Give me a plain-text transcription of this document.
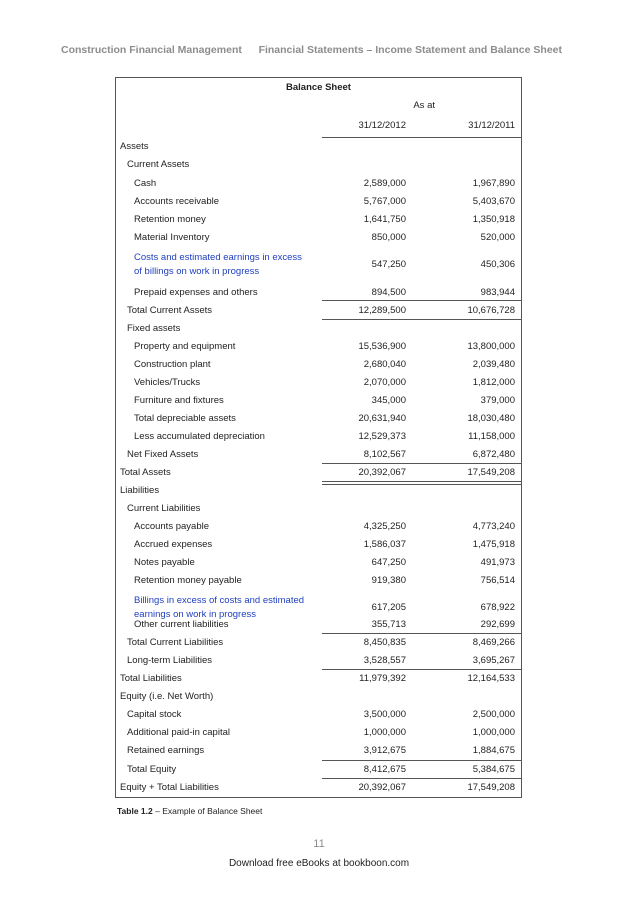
Construction Financial Management Financial Statements – Income Statement and Balance Sheet
Balance Sheet
As at
31/12/2012	31/12/2011
Assets
Current Assets
Cash	2,589,000	1,967,890
Accounts receivable	5,767,000	5,403,670
Retention money	1,641,750	1,350,918
Material Inventory	850,000	520,000
Costs and estimated earnings in excess
of billings on work in progress
547,250	450,306
Prepaid expenses and others	894,500	983,944
Total Current Assets	12,289,500	10,676,728
Fixed assets
Property and equipment	15,536,900	13,800,000
Construction plant	2,680,040	2,039,480
Vehicles/Trucks	2,070,000	1,812,000
Furniture and fixtures	345,000	379,000
Total depreciable assets	20,631,940	18,030,480
Less accumulated depreciation	12,529,373	11,158,000
Net Fixed Assets	8,102,567	6,872,480
Total Assets	20,392,067	17,549,208
Liabilities
Current Liabilities
Accounts payable	4,325,250	4,773,240
Accrued expenses	1,586,037	1,475,918
Notes payable	647,250	491,973
Retention money payable	919,380	756,514
Billings in excess of costs and estimated
earnings on work in progress
617,205	678,922
Other current liabilities	355,713	292,699
Total Current Liabilities	8,450,835	8,469,266
Long-term Liabilities	3,528,557	3,695,267
Total Liabilities	11,979,392	12,164,533
Equity (i.e. Net Worth)
Capital stock	3,500,000	2,500,000
Additional paid-in capital	1,000,000	1,000,000
Retained earnings	3,912,675	1,884,675
Total Equity	8,412,675	5,384,675
Equity + Total Liabilities	20,392,067	17,549,208
Table 1.2 – Example of Balance Sheet
11
Download free eBooks at bookboon.com
